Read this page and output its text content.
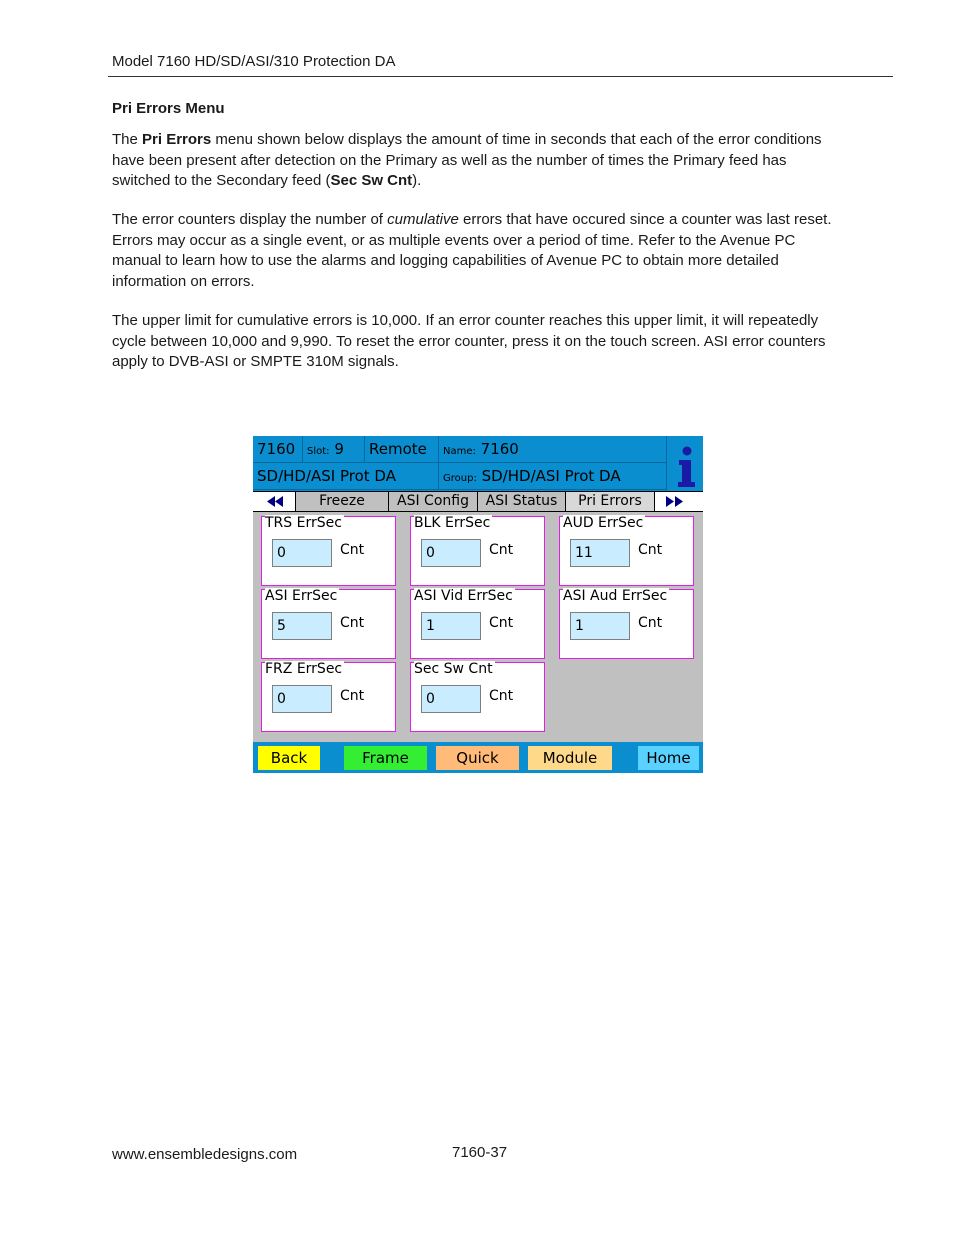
Model 7160 HD/SD/ASI/310 Protection DA
Pri Errors Menu
The Pri Errors menu shown below displays the amount of time in seconds that each of the error conditions have been present after detection on the Primary as well as the number of times the Primary feed has switched to the Secondary feed (Sec Sw Cnt).
The error counters display the number of cumulative errors that have occured since a counter was last reset. Errors may occur as a single event, or as multiple events over a period of time. Refer to the Avenue PC manual to learn how to use the alarms and logging capabilities of Avenue PC to obtain more detailed information on errors.
The upper limit for cumulative errors is 10,000. If an error counter reaches this upper limit, it will repeatedly cycle between 10,000 and 9,990. To reset the error counter, press it on the touch screen. ASI error counters apply to DVB-ASI or SMPTE 310M signals.
7160	Slot: 9	Remote	Name: 7160
SD/HD/ASI Prot DA	Group: SD/HD/ASI Prot DA
Freeze	ASI Config	ASI Status	Pri Errors
TRS ErrSec
0	Cnt
BLK ErrSec
0	Cnt
AUD ErrSec
11	Cnt
ASI ErrSec
5	Cnt
ASI Vid ErrSec
1	Cnt
ASI Aud ErrSec
1	Cnt
FRZ ErrSec
0	Cnt
Sec Sw Cnt
0	Cnt
Back	Frame	Quick	Module	Home
www.ensembledesigns.com	7160-37
